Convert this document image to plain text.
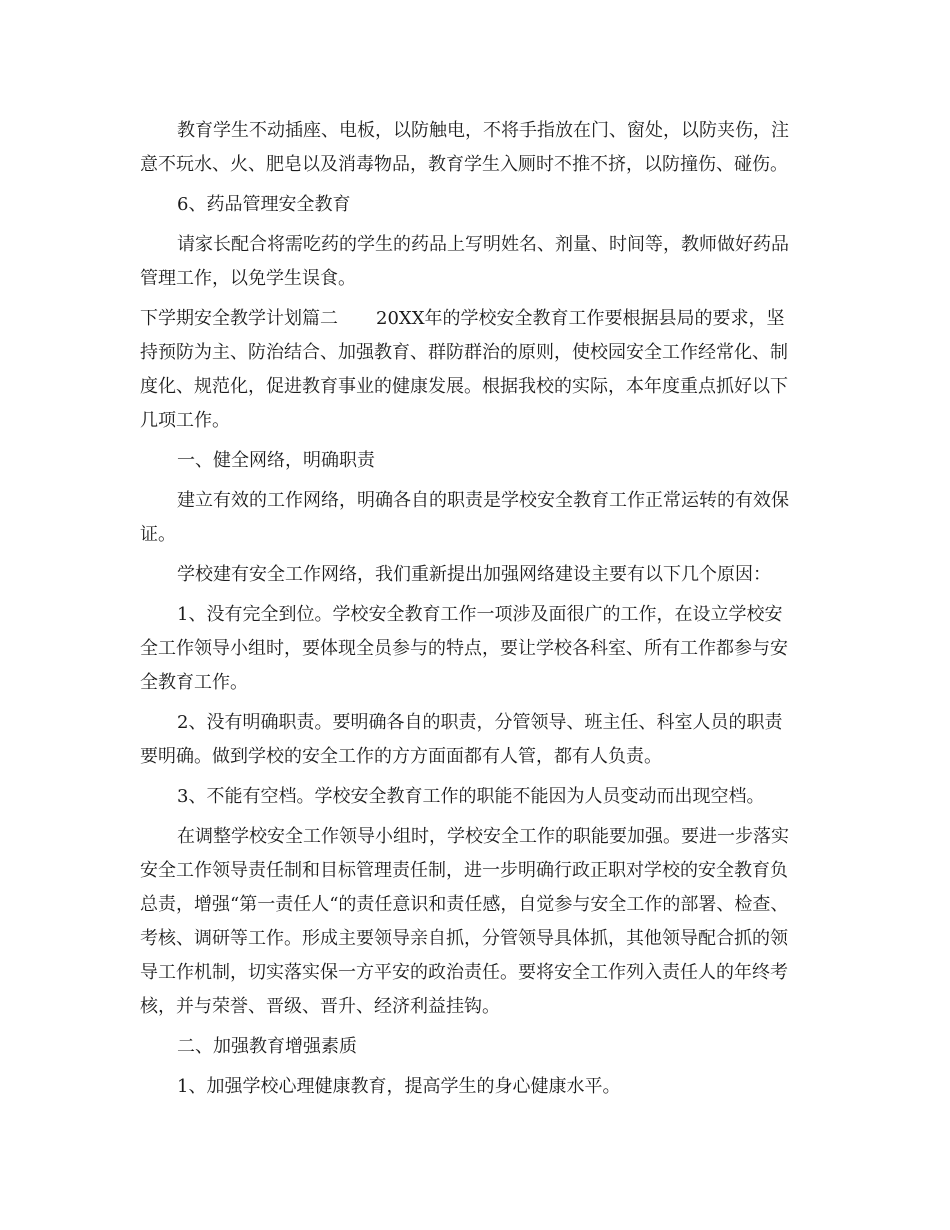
教育学生不动插座、电板，以防触电，不将手指放在门、窗处，以防夹伤，注
意不玩水、火、肥皂以及消毒物品，教育学生入厕时不推不挤，以防撞伤、碰伤。

6、药品管理安全教育

请家长配合将需吃药的学生的药品上写明姓名、剂量、时间等，教师做好药品
管理工作，以免学生误食。

下学期安全教学计划篇二 20XX年的学校安全教育工作要根据县局的要求，坚
持预防为主、防治结合、加强教育、群防群治的原则，使校园安全工作经常化、制
度化、规范化，促进教育事业的健康发展。根据我校的实际，本年度重点抓好以下
几项工作。

一、健全网络，明确职责

建立有效的工作网络，明确各自的职责是学校安全教育工作正常运转的有效保
证。

学校建有安全工作网络，我们重新提出加强网络建设主要有以下几个原因：

1、没有完全到位。学校安全教育工作一项涉及面很广的工作，在设立学校安
全工作领导小组时，要体现全员参与的特点，要让学校各科室、所有工作都参与安
全教育工作。

2、没有明确职责。要明确各自的职责，分管领导、班主任、科室人员的职责
要明确。做到学校的安全工作的方方面面都有人管，都有人负责。

3、不能有空档。学校安全教育工作的职能不能因为人员变动而出现空档。

在调整学校安全工作领导小组时，学校安全工作的职能要加强。要进一步落实
安全工作领导责任制和目标管理责任制，进一步明确行政正职对学校的安全教育负
总责，增强“第一责任人“的责任意识和责任感，自觉参与安全工作的部署、检查、
考核、调研等工作。形成主要领导亲自抓，分管领导具体抓，其他领导配合抓的领
导工作机制，切实落实保一方平安的政治责任。要将安全工作列入责任人的年终考
核，并与荣誉、晋级、晋升、经济利益挂钩。

二、加强教育增强素质

1、加强学校心理健康教育，提高学生的身心健康水平。
